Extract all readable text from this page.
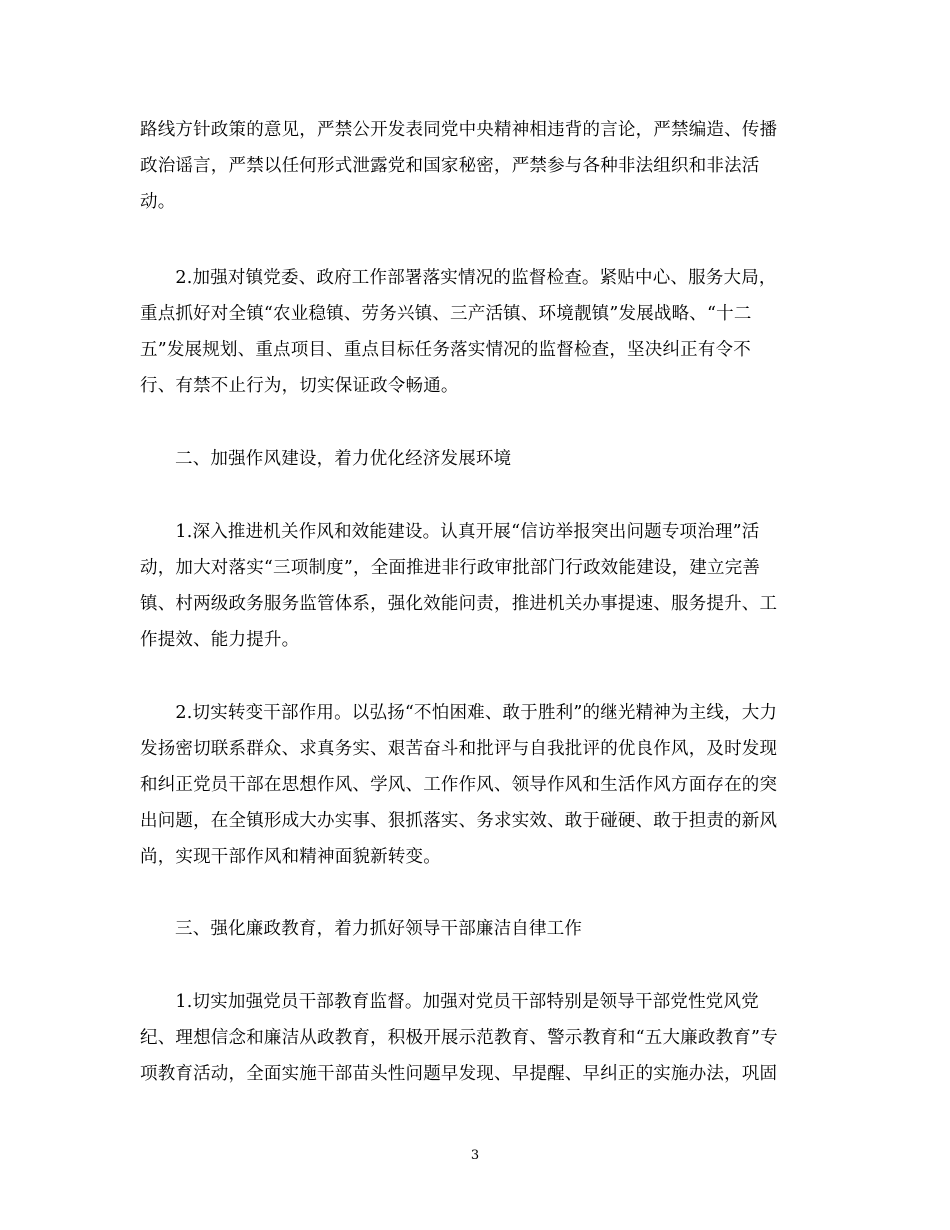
路线方针政策的意见，严禁公开发表同党中央精神相违背的言论，严禁编造、传播
政治谣言，严禁以任何形式泄露党和国家秘密，严禁参与各种非法组织和非法活
动。

　　2.加强对镇党委、政府工作部署落实情况的监督检查。紧贴中心、服务大局，
重点抓好对全镇“农业稳镇、劳务兴镇、三产活镇、环境靓镇”发展战略、“十二
五”发展规划、重点项目、重点目标任务落实情况的监督检查，坚决纠正有令不
行、有禁不止行为，切实保证政令畅通。

二、加强作风建设，着力优化经济发展环境

　　1.深入推进机关作风和效能建设。认真开展“信访举报突出问题专项治理”活
动，加大对落实“三项制度”，全面推进非行政审批部门行政效能建设，建立完善
镇、村两级政务服务监管体系，强化效能问责，推进机关办事提速、服务提升、工
作提效、能力提升。

　　2.切实转变干部作用。以弘扬“不怕困难、敢于胜利”的继光精神为主线，大力
发扬密切联系群众、求真务实、艰苦奋斗和批评与自我批评的优良作风，及时发现
和纠正党员干部在思想作风、学风、工作作风、领导作风和生活作风方面存在的突
出问题，在全镇形成大办实事、狠抓落实、务求实效、敢于碰硬、敢于担责的新风
尚，实现干部作风和精神面貌新转变。

三、强化廉政教育，着力抓好领导干部廉洁自律工作

　　1.切实加强党员干部教育监督。加强对党员干部特别是领导干部党性党风党
纪、理想信念和廉洁从政教育，积极开展示范教育、警示教育和“五大廉政教育”专
项教育活动，全面实施干部苗头性问题早发现、早提醒、早纠正的实施办法，巩固

3
